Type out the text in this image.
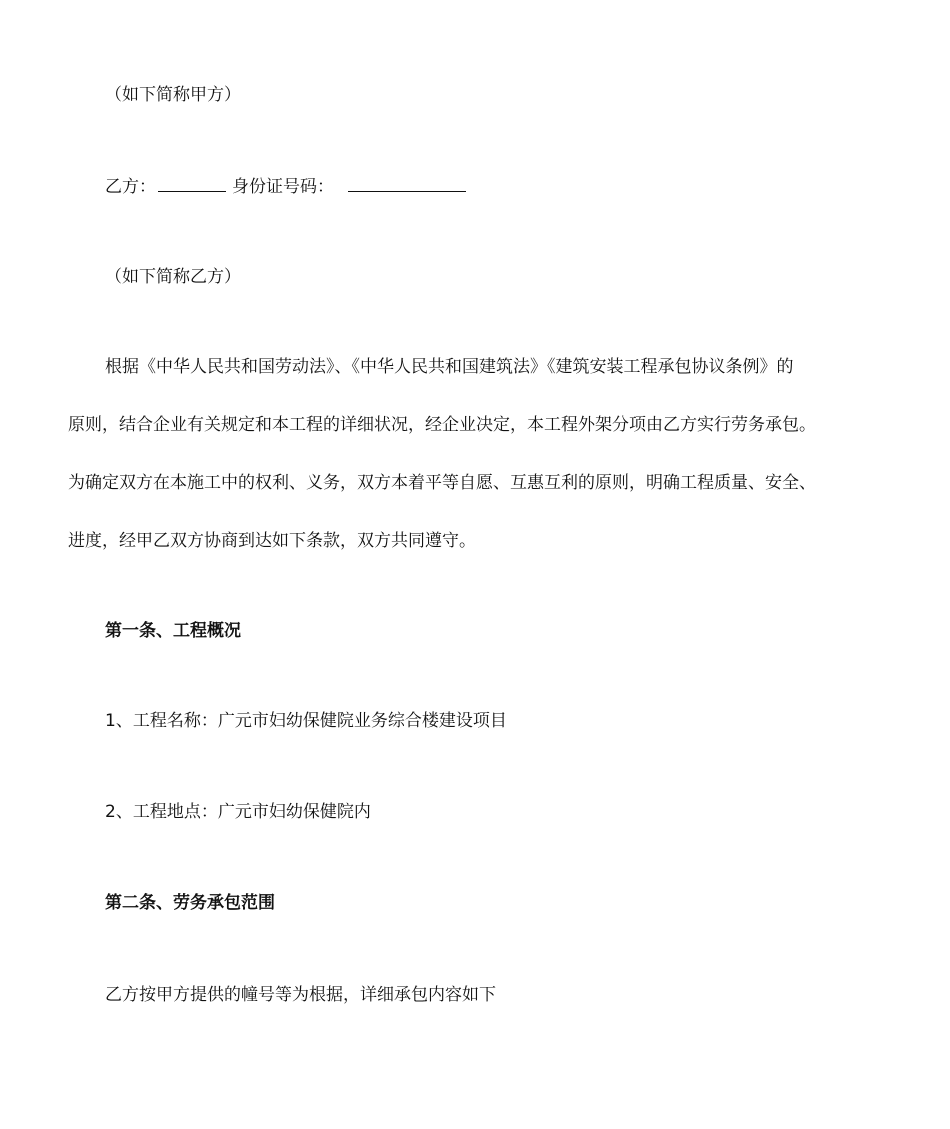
（如下简称甲方）
乙方：	身份证号码：
（如下简称乙方）
根据《中华人民共和国劳动法》、《中华人民共和国建筑法》《建筑安装工程承包协议条例》的
原则，结合企业有关规定和本工程的详细状况，经企业决定，本工程外架分项由乙方实行劳务承包。
为确定双方在本施工中的权利、义务，双方本着平等自愿、互惠互利的原则，明确工程质量、安全、
进度，经甲乙双方协商到达如下条款，双方共同遵守。
第一条、工程概况
1、工程名称：广元市妇幼保健院业务综合楼建设项目
2、工程地点：广元市妇幼保健院内
第二条、劳务承包范围
乙方按甲方提供的幢号等为根据，详细承包内容如下
